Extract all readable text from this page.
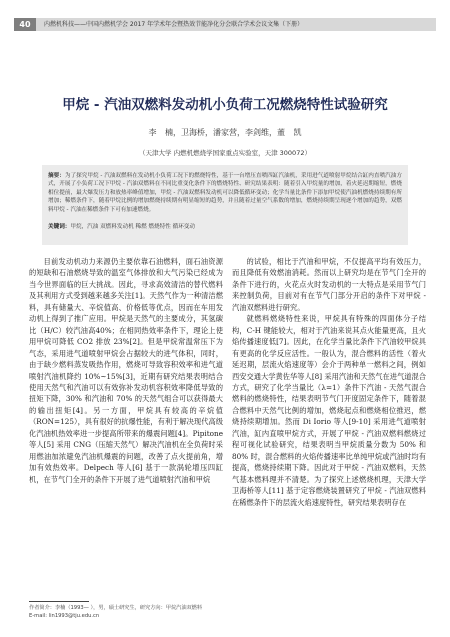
40	内燃机科技——中国内燃机学会 2017 年学术年会暨热效节能净化分会联合学术会议文集（下册）
甲烷 - 汽油双燃料发动机小负荷工况燃烧特性试验研究
李 楠，卫海桥，潘家营，李剑维，董 凯
（天津大学 内燃机燃烧学国家重点实验室，天津 300072）
摘要：为了探究甲烷 - 汽油双燃料在发动机小负荷工况下的燃烧特性，基于一台增压直喷四缸汽油机，采用进气道喷射甲烷结合缸内直喷汽油方式，开展了小负荷工况下甲烷 - 汽油双燃料在不同比重变化条件下的燃烧特性、研究结果表明：随着引入甲烷量的增加，着火延迟期缩短，燃烧相位提前，最大爆发压力和放热率峰值增加，甲烷 - 汽油双燃料发动机可以降低循环变动；化学当量比条件下添加甲烷使汽油机燃烧持续期有所增加；稀燃条件下，随着甲烷比例的增加燃烧持续期有明显缩短的趋势，并且随着过量空气系数的增加，燃烧持续期呈现逐个增加的趋势，双燃料甲烷 - 汽油在稀燃条件下可有加速燃烧。
关键词：甲烷，汽油 双燃料发动机 稀燃 燃烧特性 循环变动

目前发动机动力来源仍主要依靠石油燃料，面石油资源的短缺和石油燃烧导致的温室气体排放和大气污染已经成为当今世界面临的巨大挑战。因此，寻求高效清洁的替代燃料及其利用方式受到越来越多关注[1]。天然气作为一种清洁燃料，具有储量大、辛烷值高、价格低等优点，因而在车用发动机上得到了推广应用。甲烷是天然气的主要成分，其氢碳比（H/C）较汽油高40%；在相同热效率条件下，理论上使用甲烷可降低 CO2 排放 23%[2]。但是甲烷常温常压下为气态，采用进气道喷射甲烷会占据较大的进气体积，同时，由于缺少燃料蒸发吸热作用，燃烧可导致容积效率和进气道喷射汽油机降约 10%~15%[3]，近期有研究结果表明结合使用天然气和汽油可以有效弥补发动机容积效率降低导致的扭矩下降，30% 和汽油和 70% 的天然气组合可以获得最大的输出扭矩[4]。另一方面，甲烷具有较高的辛烷值（RON=125），具有很好的抗爆性能，有利于解决现代高级化汽油机热效率进一步提高所带来的爆震问题[4]。Pipitone 等人[5] 采用 CNG（压缩天然气）解决汽油机在全负荷时采用燃油加浓避免汽油机爆震的问题，改善了点火提前角，增加有效热效率。Delpech 等人[6] 基于一款涡轮增压四缸机，在节气门全开的条件下开展了进气道喷射汽油和甲烷

的试验，相比于汽油和甲烷，不仅提高平均有效压力，而且降低有效燃油消耗。然而以上研究均是在节气门全开的条件下进行的，火花点火时发动机的一大特点是采用节气门来控制负荷，目前对有在节气门部分开启的条件下对甲烷 - 汽油双燃料进行研究。

就燃料燃烧特性来说，甲烷具有特殊的四面体分子结构，C-H 键能较大，相对于汽油来说其点火能量更高，且火焰传播速度低[7]。因此，在化学当量比条件下汽油较甲烷具有更高的化学反应活性。一般认为，混合燃料的活性（着火延迟期，层流火焰速度等）会介于两种单一燃料之间，例如西安交通大学黄佐华等人[8] 采用汽油和天然气在进气道混合方式，研究了化学当量比（λ=1）条件下汽油 - 天然气混合燃料的燃烧特性，结果表明节气门开度固定条件下，随着混合燃料中天然气比例的增加，燃烧起点和燃烧相位推迟，燃烧持续期增加。然而 Di Iorio 等人[9-10] 采用进气道喷射汽油，缸内直喷甲烷方式，开展了甲烷 - 汽油双燃料燃烧过程可视化试验研究，结果表明当甲烷质量分数为 50% 和 80% 时，混合燃料的火焰传播速率比单纯甲烷或汽油时均有提高，燃烧持续期下降。因此对于甲烷 - 汽油双燃料，天然气基本燃料理并不清楚。为了探究上述燃烧机理，天津大学卫海桥等人[11] 基于定容燃烧装置研究了甲烷 - 汽油双燃料在稀燃条件下的层流火焰速度特性，研究结果表明存在

作者简介：李楠（1993— ），男，硕士研究生，研究方向：甲烷汽油双燃料
E-mail: lin1993@tju.edu.cn
